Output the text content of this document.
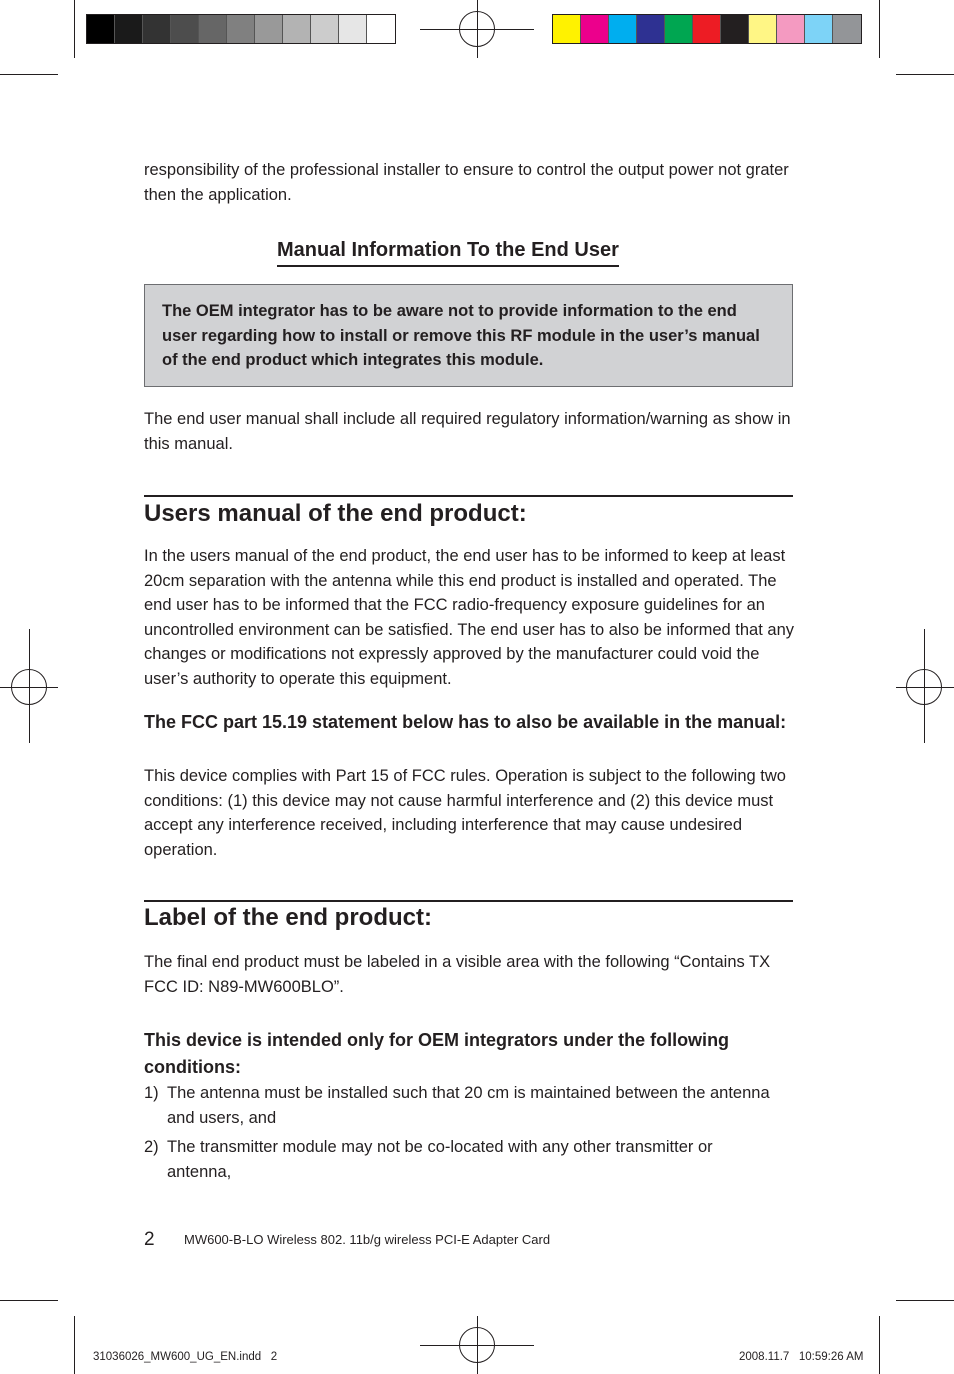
responsibility of the professional installer to ensure to control the output power not grater then the application.
Manual Information To the End User
The OEM integrator has to be aware not to provide information to the end user regarding how to install or remove this RF module in the user’s manual of the end product which integrates this module.
The end user manual shall include all required regulatory information/warning as show in this manual.
Users manual of the end product:
In the users manual of the end product, the end user has to be informed to keep at least 20cm separation with the antenna while this end product is installed and operated. The end user has to be informed that the FCC radio-frequency exposure guidelines for an uncontrolled environment can be satisfied. The end user has to also be informed that any changes or modifications not expressly approved by the manufacturer could void the user’s authority to operate this equipment.
The FCC part 15.19 statement below has to also be available in the manual:
This device complies with Part 15 of FCC rules. Operation is subject to the following two conditions: (1) this device may not cause harmful interference and (2) this device must accept any interference received, including interference that may cause undesired operation.
Label of the end product:
The final end product must be labeled in a visible area with the following “Contains TX FCC ID: N89-MW600BLO”.
This device is intended only for OEM integrators under the following conditions:
1) The antenna must be installed such that 20 cm is maintained between the antenna and users, and
2) The transmitter module may not be co-located with any other transmitter or antenna,
2 MW600-B-LO Wireless 802. 11b/g wireless PCI-E Adapter Card
31036026_MW600_UG_EN.indd   2	2008.11.7   10:59:26 AM
